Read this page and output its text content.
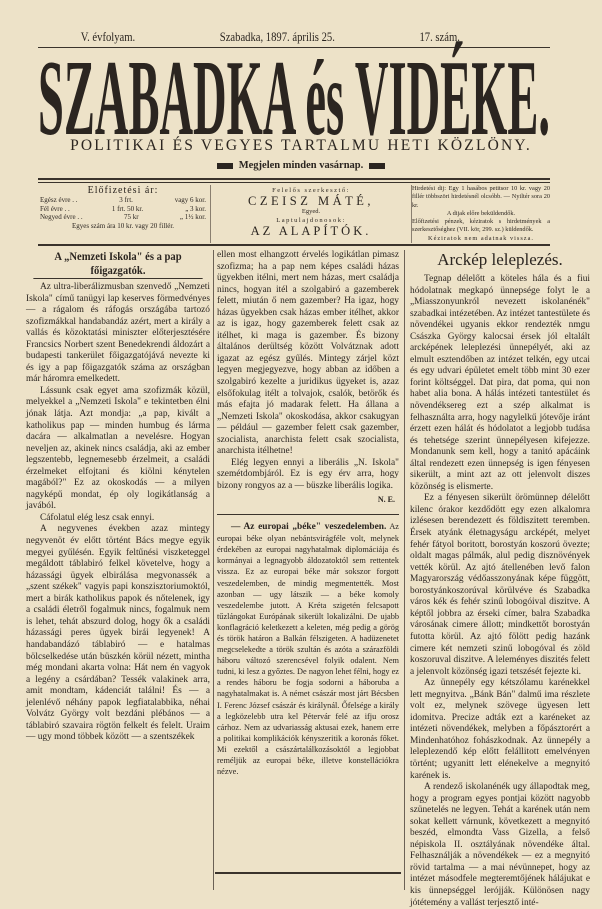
V. évfolyam.	Szabadka, 1897. április 25.	17. szám.
SZABADKA és VIDÉKE.
POLITIKAI ÉS VEGYES TARTALMU HETI KÖZLÖNY.
Megjelen minden vasárnap.
Előfizetési ár:
Egész évre . .	3 frt.	vagy 6 kor.
Fél évre . .	1 frt. 50 kr.	„ 3 kor.
Negyed évre . .	75 kr	„ 1½ kor.
Egyes szám ára 10 kr. vagy 20 fillér.
Felelős szerkesztő:
CZEISZ MÁTÉ,
Egyed.
Laptulajdonosok:
AZ ALAPÍTÓK.
Hirdetési dij: Egy 1 hasábos petitsor 10 kr. vagy 20 fillér többszöri hirdetésnél olcsóbb. — Nyiltér sora 20 kr.
A dijak előre beküldendők.
Előfizetési pénzek, kéziratok s hirdetmények a szerkesztőséghez (VII. kör, 299. sz.) küldendők.
Kéziratok nem adatnak vissza.
A „Nemzeti Iskola" és a pap főigazgatók.

Az ultra-liberálizmusban szenvedő „Nemzeti Iskola" című tanügyi lap keserves förmedvényes — a rágalom és ráfogás országába tartozó szofizmákkal handabandáz azért, mert a király a vallás és közoktatási miniszter előterjesztésére Francsics Norbert szent Benedekrendi áldozárt a budapesti tankerület főigazgatójává nevezte ki és igy a pap főigazgatók száma az országban már háromra emelkedett.

Lássunk csak egyet ama szofizmák közül, melyekkel a „Nemzeti Iskola" e tekintetben élni jónak látja. Azt mondja: „a pap, kivált a katholikus pap — minden humbug és lárma dacára — alkalmatlan a nevelésre. Hogyan neveljen az, akinek nincs családja, aki az ember legszentebb, legnemesebb érzelmeit, a családi érzelmeket elfojtani és kiölni kénytelen magából?" Ez az okoskodás — a milyen nagyképű mondat, ép oly logikátlanság a javából.

Cáfolatul elég lesz csak ennyi.

A negyvenes években azaz mintegy negyvenöt év előtt történt Bács megye egyik megyei gyűlésén. Egyik feltűnési viszketeggel megáldott táblabiró felkel követelve, hogy a házassági ügyek elbirálása megvonassék a „szent székek" vagyis papi konszisztoriumoktól, mert a birák katholikus papok és nőtelenek, igy a családi életről fogalmuk nincs, fogalmuk nem is lehet, tehát abszurd dolog, hogy ők a családi házassági peres ügyek birái legyenek! A handabandázó táblabiró — e hatalmas bölcselkedése után büszkén körül nézett, mintha még mondani akarta volna: Hát nem én vagyok a legény a csárdában? Tessék valakinek arra, amit mondtam, kádenciát találni! És — a jelenlévő néhány papok legfiatalabbika, néhai Volvátz György volt bezdáni plébános — a táblabiró szavaira rögtön felkelt és felelt. Uraim — ugy mond többek között — a szentszékek

ellen most elhangzott érvelés logikátlan pimasz szofizma; ha a pap nem képes családi házas ügyekben itélni, mert nem házas, mert családja nincs, hogyan itél a szolgabiró a gazemberek felett, miután ő nem gazember? Ha igaz, hogy házas ügyekben csak házas ember itélhet, akkor az is igaz, hogy gazemberek felett csak az itélhet, ki maga is gazember. És bizony általános derültség között Volvátznak adott igazat az egész gyűlés. Mintegy zárjel közt legyen megjegyezve, hogy abban az időben a szolgabiró kezelte a juridikus ügyeket is, azaz elsőfokulag itélt a tolvajok, csalók, betörők és más efajta jó madarak felett. Ha állana a „Nemzeti Iskola" okoskodása, akkor csakugyan — például — gazember felett csak gazember, szocialista, anarchista felett csak szocialista, anarchista itélhetne!

Elég legyen ennyi a liberális „N. Iskola" szemétdombjáról. Ez is egy érv arra, hogy bizony rongyos az a — büszke liberális logika.

N. E.

— Az europai „béke" veszedelemben. Az europai béke olyan nebántsvirágféle volt, melynek érdekében az europai nagyhatalmak diplomáciája és kormányai a legnagyobb áldozatoktól sem rettentek vissza. Ez az europai béke már sokszor forgott veszedelemben, de mindig megmentették. Most azonban — ugy látszik — a béke komoly veszedelembe jutott. A Kréta szigetén felcsapott tűzlángokat Európának sikerült lokalizálni. De ujabb konflagráció keletkezett a keleten, még pedig a görög és török határon a Balkán félszigeten. A hadüzenetet megcselekedte a török szultán és azóta a szárazföldi háboru változó szerencsével folyik odalent. Nem tudni, ki lesz a győztes. De nagyon lehet félni, hogy ez a rendes háboru be fogja sodorni a háboruba a nagyhatalmakat is. A német császár most járt Bécsben I. Ferenc József császár és királynál. Őfelsége a király a legközelebb utra kel Pétervár felé az ifju orosz cárhoz. Nem az udvariasság aktusai ezek, hanem erre a politikai komplikációk kényszeritik a koronás főket. Mi ezektől a császártalálkozásoktól a legjobbat reméljük az europai béke, illetve konstellációkra nézve.

Arckép leleplezés.

Tegnap délelőtt a köteles hála és a fiui hódolatnak megkapó ünnepsége folyt le a „Miasszonyunkról nevezett iskolanénék" szabadkai intézetében. Az intézet tantestülete és növendékei ugyanis ekkor rendezték nmgu Császka György kalocsai érsek jól eltalált arcképének leleplezési ünnepélyét, aki az elmult esztendőben az intézet telkén, egy utcai és egy udvari épületet emelt több mint 30 ezer forint költséggel. Dat pira, dat poma, qui non habet alia bona. A hálás intézeti tantestület és növendéksereg ezt a szép alkalmat is felhasználta arra, hogy nagylelkű jótevője iránt érzett ezen hálát és hódolatot a legjobb tudása és tehetsége szerint ünnepélyesen kifejezze. Mondanunk sem kell, hogy a tanitó apácáink által rendezett ezen ünnepség is igen fényesen sikerült, a mint azt az ott jelenvolt diszes közönség is elismerte.

Ez a fényesen sikerült örömünnep délelőtt kilenc órakor kezdődött egy ezen alkalomra izlésesen berendezett és földiszitett teremben. Érsek atyánk életnagyságu arcképét, melyet fehér fátyol boritott, borostyán koszorú övezte; oldalt magas pálmák, alul pedig disznövények vették körül. Az ajtó átellenében levő falon Magyarország védőasszonyának képe függött, borostyánkoszorúval körülvéve és Szabadka város kék és fehér szinű lobogóival diszitve. A képtől jobbra az érseki címer, balra Szabadka városának cimere állott; mindkettőt borostyán futotta körül. Az ajtó fölött pedig hazánk cimere két nemzeti szinű lobogóval és zöld koszoruval diszitve. A leleményes diszités felett a jelenvolt közönség igazi tetszését fejezte ki.

Az ünnepély egy kétszólamu karénekkel lett megnyitva. „Bánk Bán" dalmű ima részlete volt ez, melynek szövege ügyesen lett idomitva. Precize adták ezt a karéneket az intézeti növendékek, melyben a főpásztorért a Mindenhatóhoz fohászkodnak. Az ünnepély a leleplezendő kép előtt felállitott emelvényen történt; ugyanitt lett elénekelve a megnyitó karének is.

A rendező iskolanénék ugy állapodtak meg, hogy a program egyes pontjai között nagyobb szünetelés ne legyen. Tehát a karének után nem sokat kellett várnunk, következett a megnyitó beszéd, elmondta Vass Gizella, a felső népiskola II. osztályának növendéke által. Felhasználják a növendékek — ez a megnyitó rövid tartalma — a mai névünnepet, hogy az intézet másodfele megteremtőjének hálájukat e kis ünnepséggel lerójják. Különösen nagy jótétemény a vallást terjesztő inté-
